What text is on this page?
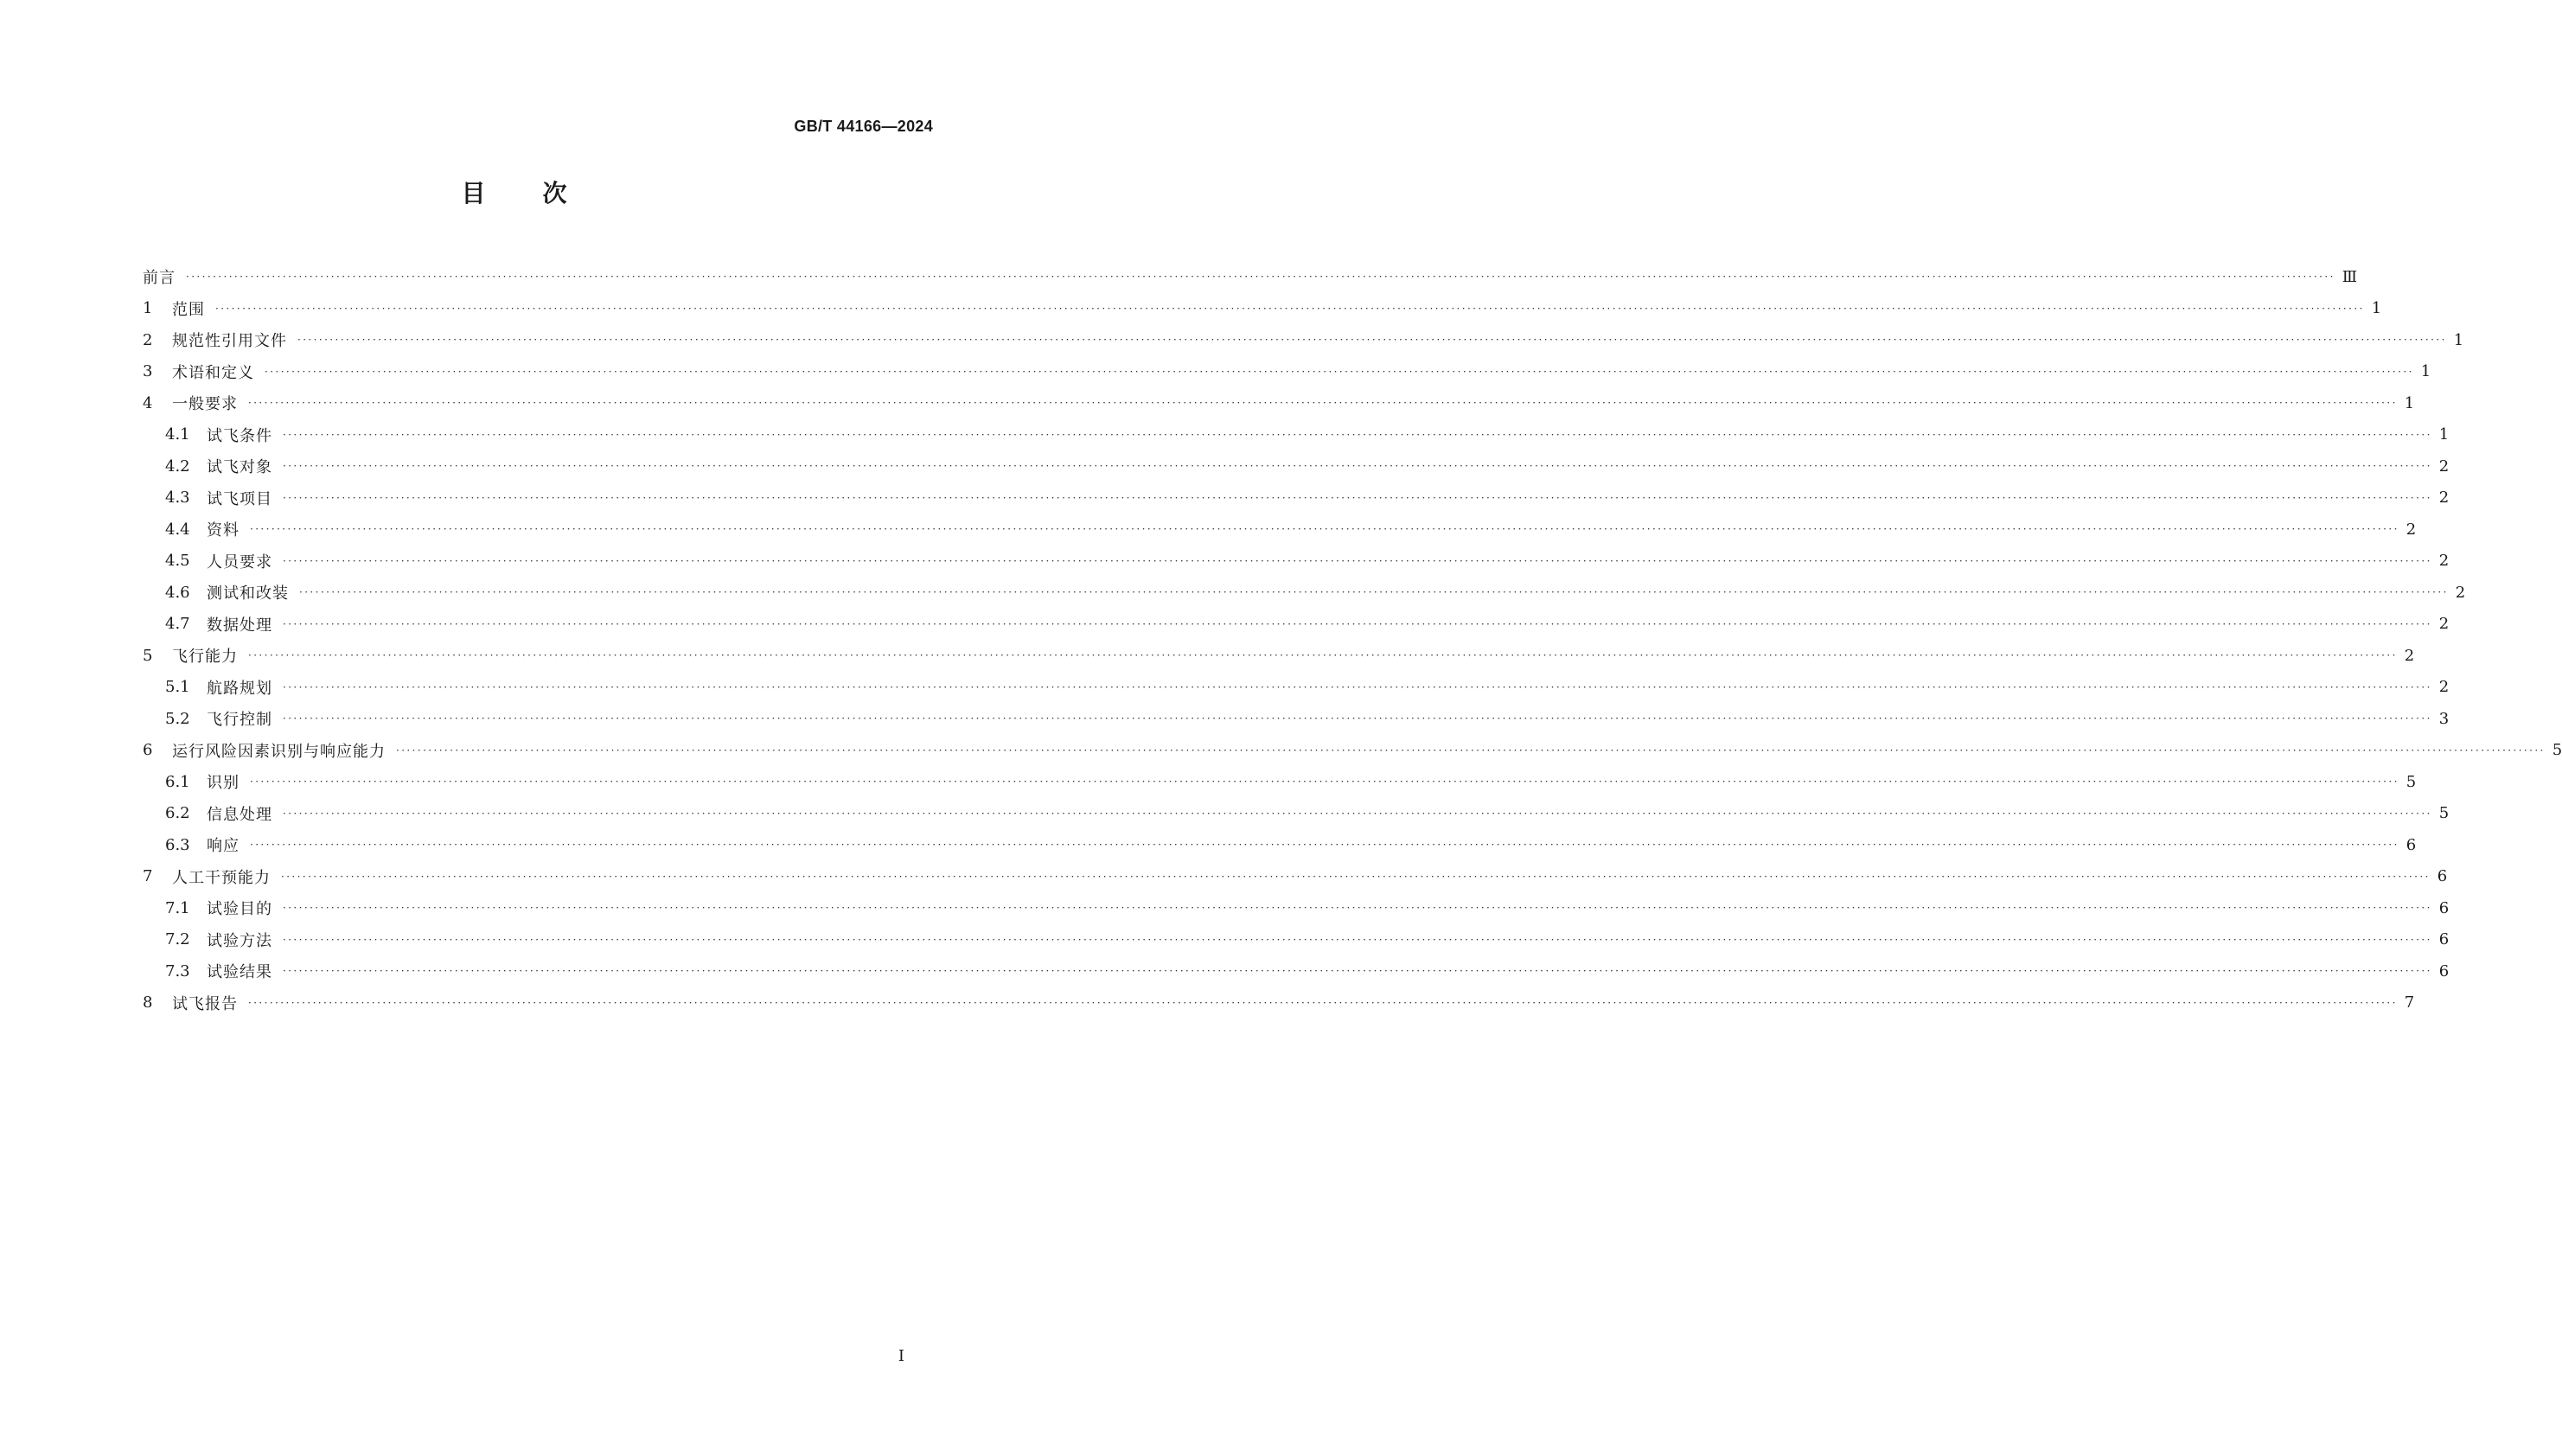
GB/T 44166—2024
目 次
前言	················································································································································································································································································································································································································ Ⅲ
1	范围	················································································································································································································································································································································································································ 1
2	规范性引用文件	················································································································································································································································································································································································································ 1
3	术语和定义	················································································································································································································································································································································································································ 1
4	一般要求	················································································································································································································································································································································································································ 1
4.1	试飞条件	················································································································································································································································································································································································································ 1
4.2	试飞对象	················································································································································································································································································································································································································ 2
4.3	试飞项目	················································································································································································································································································································································································································ 2
4.4	资料	················································································································································································································································································································································································································ 2
4.5	人员要求	················································································································································································································································································································································································································ 2
4.6	测试和改装	················································································································································································································································································································································································································ 2
4.7	数据处理	················································································································································································································································································································································································································ 2
5	飞行能力	················································································································································································································································································································································································································ 2
5.1	航路规划	················································································································································································································································································································································································································ 2
5.2	飞行控制	················································································································································································································································································································································································································ 3
6	运行风险因素识别与响应能力	················································································································································································································································································································································································································ 5
6.1	识别	················································································································································································································································································································································································································ 5
6.2	信息处理	················································································································································································································································································································································································································ 5
6.3	响应	················································································································································································································································································································································································································ 6
7	人工干预能力	················································································································································································································································································································································································································ 6
7.1	试验目的	················································································································································································································································································································································································································ 6
7.2	试验方法	················································································································································································································································································································································································································ 6
7.3	试验结果	················································································································································································································································································································································································································ 6
8	试飞报告	················································································································································································································································································································································································································ 7
I
